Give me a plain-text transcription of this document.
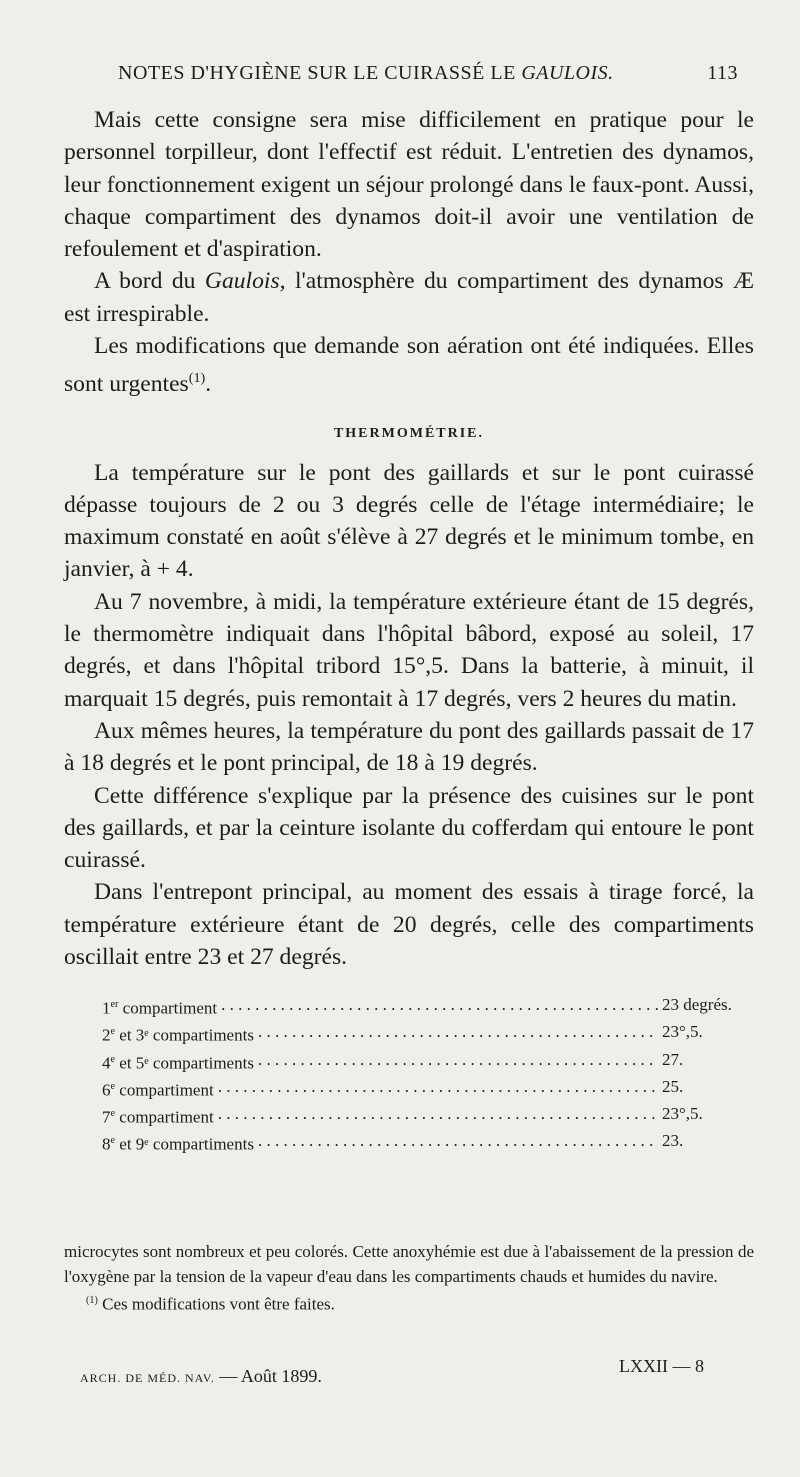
NOTES D'HYGIÈNE SUR LE CUIRASSÉ LE GAULOIS.	113

Mais cette consigne sera mise difficilement en pratique pour le personnel torpilleur, dont l'effectif est réduit. L'entretien des dynamos, leur fonctionnement exigent un séjour prolongé dans le faux-pont. Aussi, chaque compartiment des dynamos doit-il avoir une ventilation de refoulement et d'aspiration.

A bord du Gaulois, l'atmosphère du compartiment des dynamos Æ est irrespirable.

Les modifications que demande son aération ont été indiquées. Elles sont urgentes$^{(1)}$.

THERMOMÉTRIE.

La température sur le pont des gaillards et sur le pont cuirassé dépasse toujours de 2 ou 3 degrés celle de l'étage intermédiaire; le maximum constaté en août s'élève à 27 degrés et le minimum tombe, en janvier, à + 4.

Au 7 novembre, à midi, la température extérieure étant de 15 degrés, le thermomètre indiquait dans l'hôpital bâbord, exposé au soleil, 17 degrés, et dans l'hôpital tribord 15°,5. Dans la batterie, à minuit, il marquait 15 degrés, puis remontait à 17 degrés, vers 2 heures du matin.

Aux mêmes heures, la température du pont des gaillards passait de 17 à 18 degrés et le pont principal, de 18 à 19 degrés.

Cette différence s'explique par la présence des cuisines sur le pont des gaillards, et par la ceinture isolante du cofferdam qui entoure le pont cuirassé.

Dans l'entrepont principal, au moment des essais à tirage forcé, la température extérieure étant de 20 degrés, celle des compartiments oscillait entre 23 et 27 degrés.

1er compartiment . . .	23 degrés.
2e et 3ᵉ compartiments . . .	23°,5.
4e et 5ᵉ compartiments . . .	27.
6e compartiment . . .	25.
7e compartiment . . .	23°,5.
8e et 9ᵉ compartiments . . .	23.

microcytes sont nombreux et peu colorés. Cette anoxyhémie est due à l'abaissement de la pression de l'oxygène par la tension de la vapeur d'eau dans les compartiments chauds et humides du navire.

$^{(1)}$ Ces modifications vont être faites.

ARCH. DE MÉD. NAV. — Août 1899.	LXXII — 8
